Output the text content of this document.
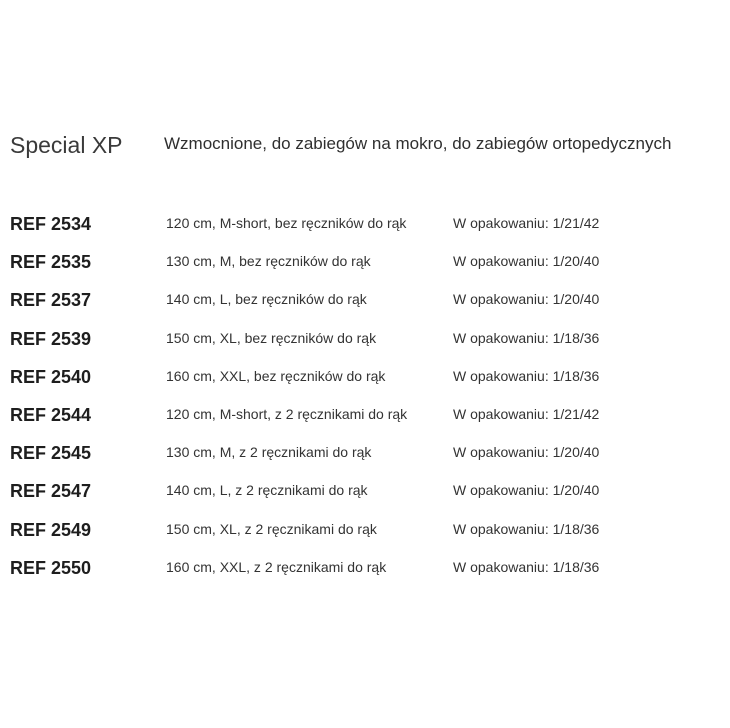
Special XP Wzmocnione, do zabiegów na mokro, do zabiegów ortopedycznych
REF 2534	120 cm, M-short, bez ręczników do rąk	W opakowaniu: 1/21/42
REF 2535	130 cm, M, bez ręczników do rąk	W opakowaniu: 1/20/40
REF 2537	140 cm, L, bez ręczników do rąk	W opakowaniu: 1/20/40
REF 2539	150 cm, XL, bez ręczników do rąk	W opakowaniu: 1/18/36
REF 2540	160 cm, XXL, bez ręczników do rąk	W opakowaniu: 1/18/36
REF 2544	120 cm, M-short, z 2 ręcznikami do rąk	W opakowaniu: 1/21/42
REF 2545	130 cm, M, z 2 ręcznikami do rąk	W opakowaniu: 1/20/40
REF 2547	140 cm, L, z 2 ręcznikami do rąk	W opakowaniu: 1/20/40
REF 2549	150 cm, XL, z 2 ręcznikami do rąk	W opakowaniu: 1/18/36
REF 2550	160 cm, XXL, z 2 ręcznikami do rąk	W opakowaniu: 1/18/36
